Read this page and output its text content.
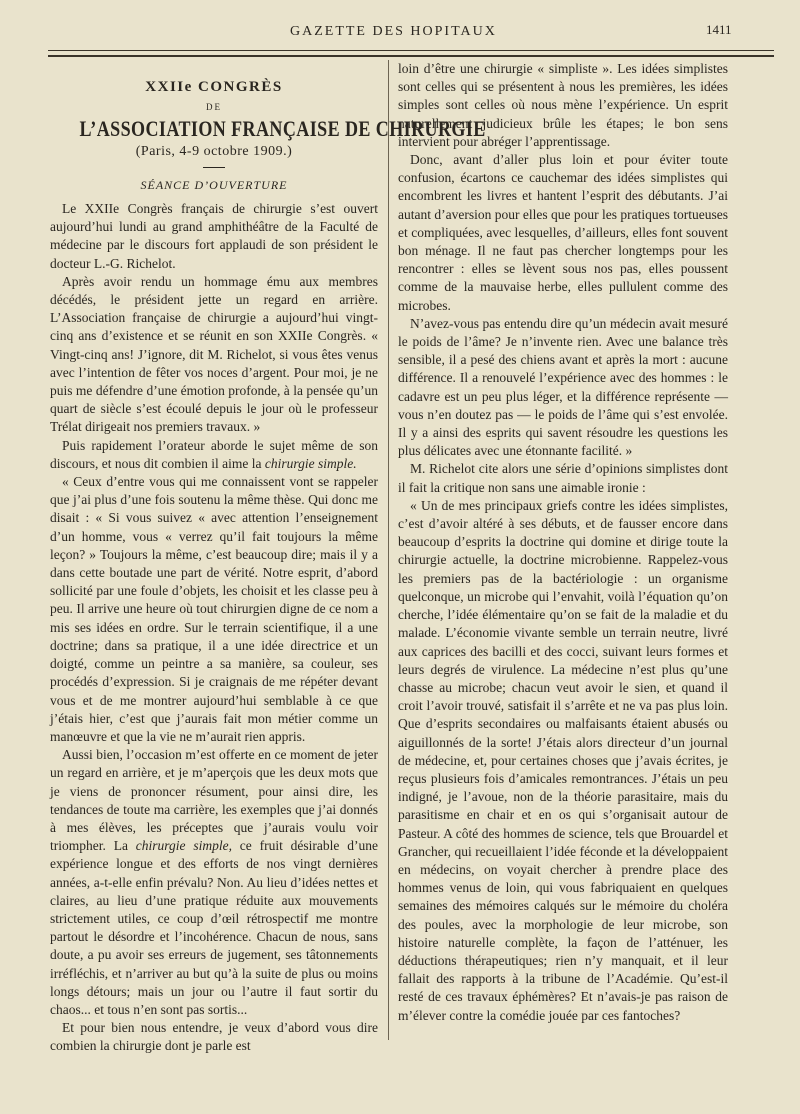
GAZETTE DES HOPITAUX	1411
XXIIe CONGRÈS
DE
L’ASSOCIATION FRANÇAISE DE CHIRURGIE
(Paris, 4-9 octobre 1909.)
SÉANCE D’OUVERTURE

Le XXIIe Congrès français de chirurgie s’est ouvert aujourd’hui lundi au grand amphithéâtre de la Faculté de médecine par le discours fort applaudi de son président le docteur L.-G. Richelot.

Après avoir rendu un hommage ému aux membres décédés, le président jette un regard en arrière. L’Association française de chirurgie a aujourd’hui vingt-cinq ans d’existence et se réunit en son XXIIe Congrès. « Vingt-cinq ans! J’ignore, dit M. Richelot, si vous êtes venus avec l’intention de fêter vos noces d’argent. Pour moi, je ne puis me défendre d’une émotion profonde, à la pensée qu’un quart de siècle s’est écoulé depuis le jour où le professeur Trélat dirigeait nos premiers travaux. »

Puis rapidement l’orateur aborde le sujet même de son discours, et nous dit combien il aime la chirurgie simple.

« Ceux d’entre vous qui me connaissent vont se rappeler que j’ai plus d’une fois soutenu la même thèse. Qui donc me disait : « Si vous suivez « avec attention l’enseignement d’un homme, vous « verrez qu’il fait toujours la même leçon? » Toujours la même, c’est beaucoup dire; mais il y a dans cette boutade une part de vérité. Notre esprit, d’abord sollicité par une foule d’objets, les choisit et les classe peu à peu. Il arrive une heure où tout chirurgien digne de ce nom a mis ses idées en ordre. Sur le terrain scientifique, il a une doctrine; dans sa pratique, il a une idée directrice et un doigté, comme un peintre a sa manière, sa couleur, ses procédés d’expression. Si je craignais de me répéter devant vous et de me montrer aujourd’hui semblable à ce que j’étais hier, c’est que j’aurais fait mon métier comme un manœuvre et que la vie ne m’aurait rien appris.

Aussi bien, l’occasion m’est offerte en ce moment de jeter un regard en arrière, et je m’aperçois que les deux mots que je viens de prononcer résument, pour ainsi dire, les tendances de toute ma carrière, les exemples que j’ai donnés à mes élèves, les préceptes que j’aurais voulu voir triompher. La chirurgie simple, ce fruit désirable d’une expérience longue et des efforts de nos vingt dernières années, a-t-elle enfin prévalu? Non. Au lieu d’idées nettes et claires, au lieu d’une pratique réduite aux mouvements strictement utiles, ce coup d’œil rétrospectif me montre partout le désordre et l’incohérence. Chacun de nous, sans doute, a pu avoir ses erreurs de jugement, ses tâtonnements irréfléchis, et n’arriver au but qu’à la suite de plus ou moins longs détours; mais un jour ou l’autre il faut sortir du chaos... et tous n’en sont pas sortis...

Et pour bien nous entendre, je veux d’abord vous dire combien la chirurgie dont je parle est

loin d’être une chirurgie « simpliste ». Les idées simplistes sont celles qui se présentent à nous les premières, les idées simples sont celles où nous mène l’expérience. Un esprit naturellement judicieux brûle les étapes; le bon sens intervient pour abréger l’apprentissage.

Donc, avant d’aller plus loin et pour éviter toute confusion, écartons ce cauchemar des idées simplistes qui encombrent les livres et hantent l’esprit des débutants. J’ai autant d’aversion pour elles que pour les pratiques tortueuses et compliquées, avec lesquelles, d’ailleurs, elles font souvent bon ménage. Il ne faut pas chercher longtemps pour les rencontrer : elles se lèvent sous nos pas, elles poussent comme de la mauvaise herbe, elles pullulent comme des microbes.

N’avez-vous pas entendu dire qu’un médecin avait mesuré le poids de l’âme? Je n’invente rien. Avec une balance très sensible, il a pesé des chiens avant et après la mort : aucune différence. Il a renouvelé l’expérience avec des hommes : le cadavre est un peu plus léger, et la différence représente — vous n’en doutez pas — le poids de l’âme qui s’est envolée. Il y a ainsi des esprits qui savent résoudre les questions les plus délicates avec une étonnante facilité. »

M. Richelot cite alors une série d’opinions simplistes dont il fait la critique non sans une aimable ironie :

« Un de mes principaux griefs contre les idées simplistes, c’est d’avoir altéré à ses débuts, et de fausser encore dans beaucoup d’esprits la doctrine qui domine et dirige toute la chirurgie actuelle, la doctrine microbienne. Rappelez-vous les premiers pas de la bactériologie : un organisme quelconque, un microbe qui l’envahit, voilà l’équation qu’on cherche, l’idée élémentaire qu’on se fait de la maladie et du malade. L’économie vivante semble un terrain neutre, livré aux caprices des bacilli et des cocci, suivant leurs formes et leurs degrés de virulence. La médecine n’est plus qu’une chasse au microbe; chacun veut avoir le sien, et quand il croit l’avoir trouvé, satisfait il s’arrête et ne va pas plus loin. Que d’esprits secondaires ou malfaisants étaient abusés ou aiguillonnés de la sorte! J’étais alors directeur d’un journal de médecine, et, pour certaines choses que j’avais écrites, je reçus plusieurs fois d’amicales remontrances. J’étais un peu indigné, je l’avoue, non de la théorie parasitaire, mais du parasitisme en chair et en os qui s’organisait autour de Pasteur. A côté des hommes de science, tels que Brouardel et Grancher, qui recueillaient l’idée féconde et la développaient en médecins, on voyait chercher à prendre place des hommes venus de loin, qui vous fabriquaient en quelques semaines des mémoires calqués sur le mémoire du choléra des poules, avec la morphologie de leur microbe, son histoire naturelle complète, la façon de l’atténuer, les déductions thérapeutiques; rien n’y manquait, et il leur fallait des rapports à la tribune de l’Académie. Qu’est-il resté de ces travaux éphémères? Et n’avais-je pas raison de m’élever contre la comédie jouée par ces fantoches?
